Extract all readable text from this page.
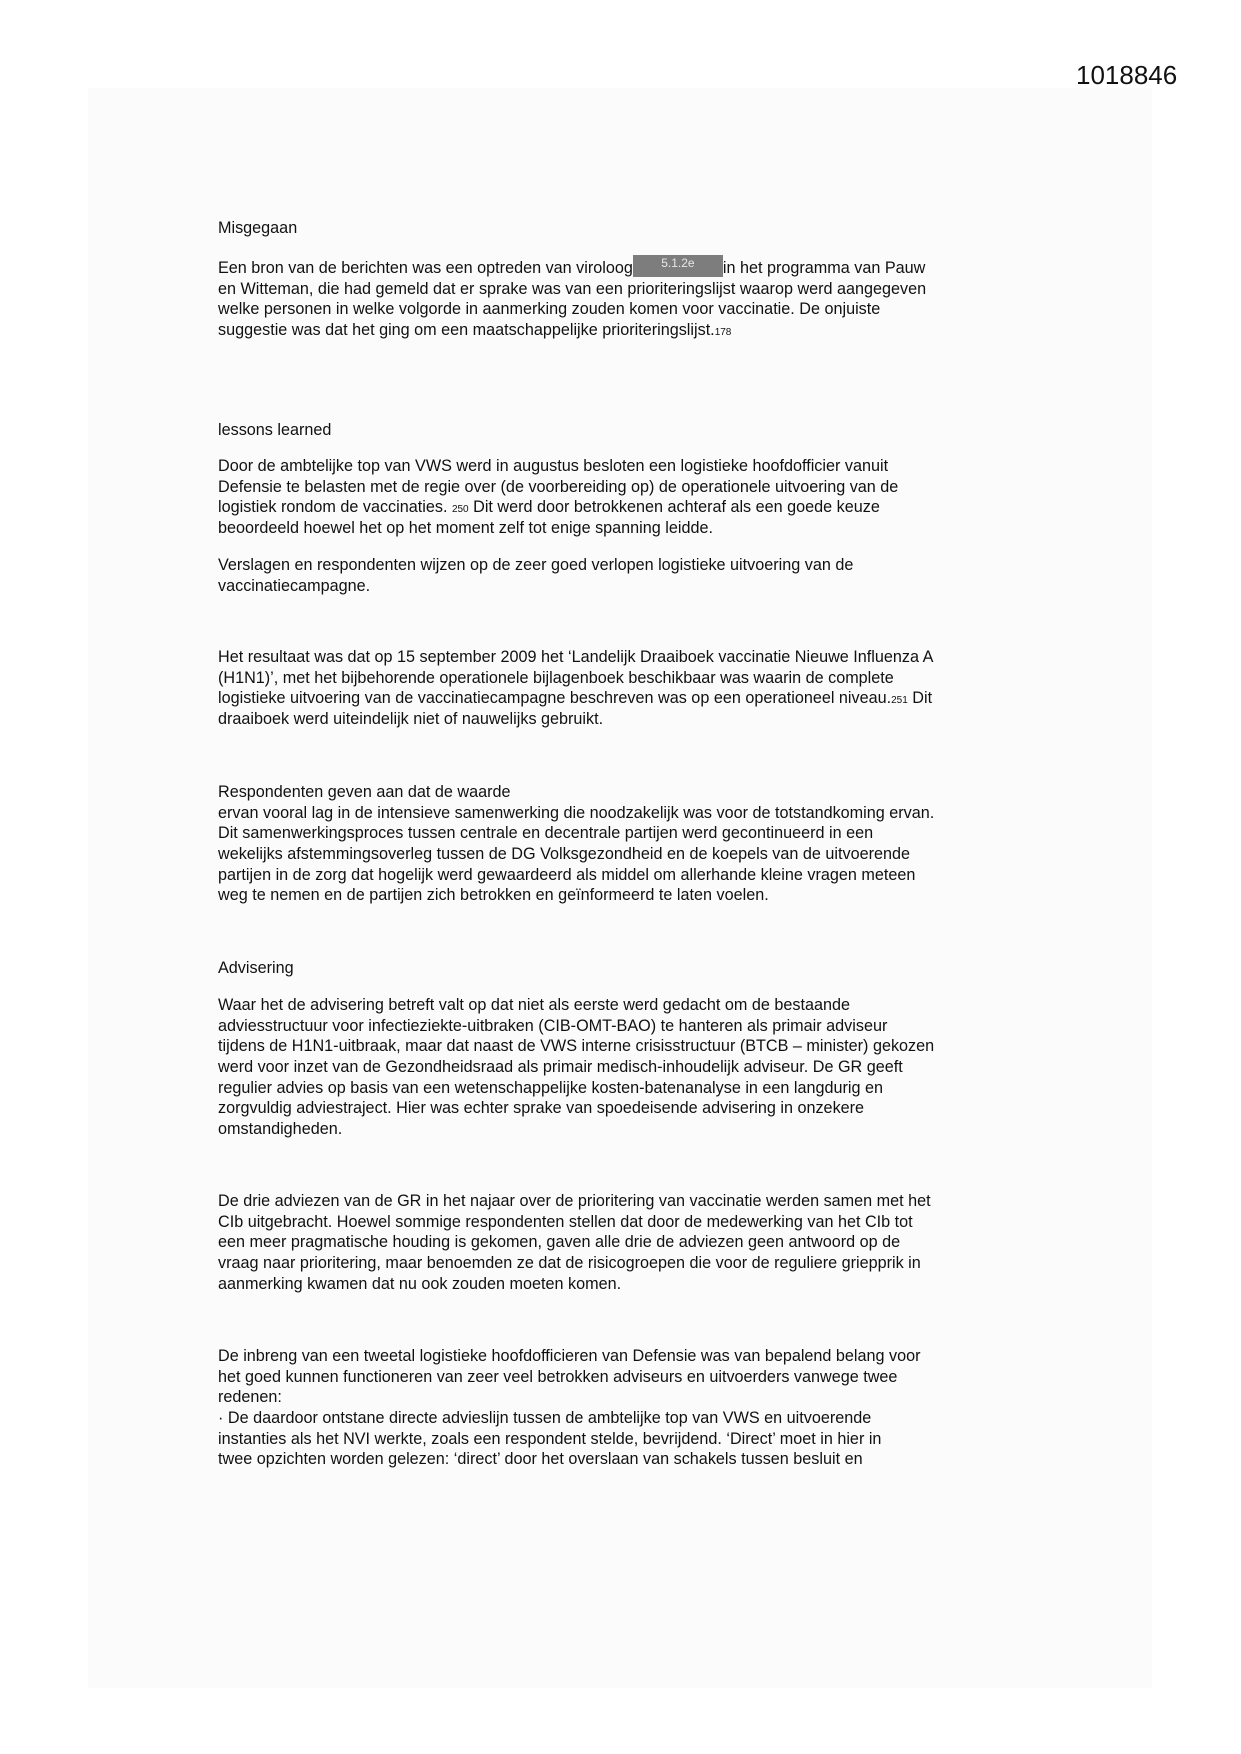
1018846
Misgegaan
Een bron van de berichten was een optreden van viroloog 5.1.2e in het programma van Pauw
en Witteman, die had gemeld dat er sprake was van een prioriteringslijst waarop werd aangegeven
welke personen in welke volgorde in aanmerking zouden komen voor vaccinatie. De onjuiste
suggestie was dat het ging om een maatschappelijke prioriteringslijst.178
lessons learned
Door de ambtelijke top van VWS werd in augustus besloten een logistieke hoofdofficier vanuit
Defensie te belasten met de regie over (de voorbereiding op) de operationele uitvoering van de
logistiek rondom de vaccinaties. 250 Dit werd door betrokkenen achteraf als een goede keuze
beoordeeld hoewel het op het moment zelf tot enige spanning leidde.
Verslagen en respondenten wijzen op de zeer goed verlopen logistieke uitvoering van de
vaccinatiecampagne.
Het resultaat was dat op 15 september 2009 het ‘Landelijk Draaiboek vaccinatie Nieuwe Influenza A
(H1N1)’, met het bijbehorende operationele bijlagenboek beschikbaar was waarin de complete
logistieke uitvoering van de vaccinatiecampagne beschreven was op een operationeel niveau.251 Dit
draaiboek werd uiteindelijk niet of nauwelijks gebruikt.
Respondenten geven aan dat de waarde
ervan vooral lag in de intensieve samenwerking die noodzakelijk was voor de totstandkoming ervan.
Dit samenwerkingsproces tussen centrale en decentrale partijen werd gecontinueerd in een
wekelijks afstemmingsoverleg tussen de DG Volksgezondheid en de koepels van de uitvoerende
partijen in de zorg dat hogelijk werd gewaardeerd als middel om allerhande kleine vragen meteen
weg te nemen en de partijen zich betrokken en geïnformeerd te laten voelen.
Advisering
Waar het de advisering betreft valt op dat niet als eerste werd gedacht om de bestaande
adviesstructuur voor infectieziekte-uitbraken (CIB-OMT-BAO) te hanteren als primair adviseur
tijdens de H1N1-uitbraak, maar dat naast de VWS interne crisisstructuur (BTCB – minister) gekozen
werd voor inzet van de Gezondheidsraad als primair medisch-inhoudelijk adviseur. De GR geeft
regulier advies op basis van een wetenschappelijke kosten-batenanalyse in een langdurig en
zorgvuldig adviestraject. Hier was echter sprake van spoedeisende advisering in onzekere
omstandigheden.
De drie adviezen van de GR in het najaar over de prioritering van vaccinatie werden samen met het
CIb uitgebracht. Hoewel sommige respondenten stellen dat door de medewerking van het CIb tot
een meer pragmatische houding is gekomen, gaven alle drie de adviezen geen antwoord op de
vraag naar prioritering, maar benoemden ze dat de risicogroepen die voor de reguliere griepprik in
aanmerking kwamen dat nu ook zouden moeten komen.
De inbreng van een tweetal logistieke hoofdofficieren van Defensie was van bepalend belang voor
het goed kunnen functioneren van zeer veel betrokken adviseurs en uitvoerders vanwege twee
redenen:
· De daardoor ontstane directe advieslijn tussen de ambtelijke top van VWS en uitvoerende
instanties als het NVI werkte, zoals een respondent stelde, bevrijdend. ‘Direct’ moet in hier in
twee opzichten worden gelezen: ‘direct’ door het overslaan van schakels tussen besluit en
